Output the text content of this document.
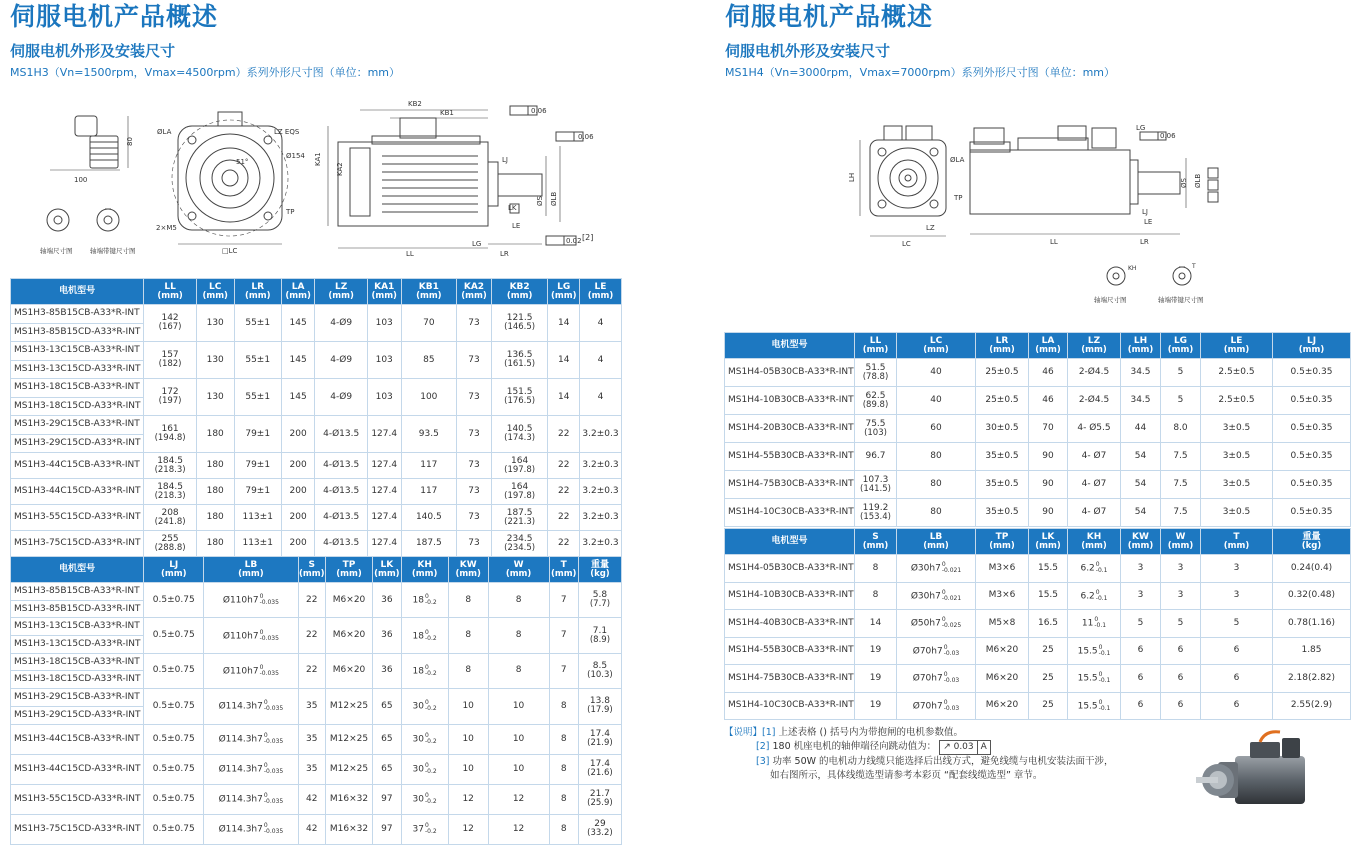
伺服电机产品概述
伺服电机外形及安装尺寸
MS1H3（Vn=1500rpm，Vmax=4500rpm）系列外形尺寸图（单位：mm）
100
80
ØLA	LZ EQS
Ø154
51°
TP
2×M5
□LC
KB2
KB1	0.06
0.06
KA1
KA2
LJ
LK
LE
LG
LR
LL
ØS ØLB
0.02 [2]
轴端尺寸图	轴端带键尺寸图
电机型号	LL
(mm)	LC
(mm)	LR
(mm)	LA
(mm)	LZ
(mm)	KA1
(mm)	KB1
(mm)	KA2
(mm)	KB2
(mm)	LG
(mm)	LE
(mm)

MS1H3-85B15CB-A33*R-INT	142
(167)	130	55±1	145	4-Ø9	103	70	73	121.5
(146.5)	14	4
MS1H3-85B15CD-A33*R-INT											
MS1H3-13C15CB-A33*R-INT	157
(182)	130	55±1	145	4-Ø9	103	85	73	136.5
(161.5)	14	4
MS1H3-13C15CD-A33*R-INT											
MS1H3-18C15CB-A33*R-INT	172
(197)	130	55±1	145	4-Ø9	103	100	73	151.5
(176.5)	14	4
MS1H3-18C15CD-A33*R-INT											
MS1H3-29C15CB-A33*R-INT	161
(194.8)	180	79±1	200	4-Ø13.5	127.4	93.5	73	140.5
(174.3)	22	3.2±0.3
MS1H3-29C15CD-A33*R-INT											
MS1H3-44C15CB-A33*R-INT	184.5
(218.3)	180	79±1	200	4-Ø13.5	127.4	117	73	164
(197.8)	22	3.2±0.3
MS1H3-44C15CD-A33*R-INT	184.5
(218.3)	180	79±1	200	4-Ø13.5	127.4	117	73	164
(197.8)	22	3.2±0.3
MS1H3-55C15CD-A33*R-INT	208
(241.8)	180	113±1	200	4-Ø13.5	127.4	140.5	73	187.5
(221.3)	22	3.2±0.3
MS1H3-75C15CD-A33*R-INT	255
(288.8)	180	113±1	200	4-Ø13.5	127.4	187.5	73	234.5
(234.5)	22	3.2±0.3
电机型号	LJ
(mm)	LB
(mm)	S
(mm)	TP
(mm)	LK
(mm)	KH
(mm)	KW
(mm)	W
(mm)	T
(mm)	重量
(kg)

MS1H3-85B15CB-A33*R-INT	0.5±0.75	Ø110h7 0
-0.035	22	M6×20	36	18 0
-0.2	8	8	7	5.8
(7.7)

MS1H3-85B15CD-A33*R-INT										
MS1H3-13C15CB-A33*R-INT	0.5±0.75	Ø110h7 0
-0.035	22	M6×20	36	18 0
-0.2	8	8	7	7.1
(8.9)

MS1H3-13C15CD-A33*R-INT										
MS1H3-18C15CB-A33*R-INT	0.5±0.75	Ø110h7 0
-0.035	22	M6×20	36	18 0
-0.2	8	8	7	8.5
(10.3)

MS1H3-18C15CD-A33*R-INT										
MS1H3-29C15CB-A33*R-INT	0.5±0.75	Ø114.3h7 0
-0.035	35	M12×25	65	30 0
-0.2	10	10	8	13.8
(17.9)

MS1H3-29C15CD-A33*R-INT										
MS1H3-44C15CB-A33*R-INT	0.5±0.75	Ø114.3h7 0
-0.035	35	M12×25	65	30 0
-0.2	10	10	8	17.4
(21.9)

MS1H3-44C15CD-A33*R-INT	0.5±0.75	Ø114.3h7 0
-0.035	35	M12×25	65	30 0
-0.2	10	10	8	17.4
(21.6)

MS1H3-55C15CD-A33*R-INT	0.5±0.75	Ø114.3h7 0
-0.035	42	M16×32	97	30 0
-0.2	12	12	8	21.7
(25.9)

MS1H3-75C15CD-A33*R-INT	0.5±0.75	Ø114.3h7 0
-0.035	42	M16×32	97	37 0
-0.2	12	12	8	29
(33.2)
伺服电机产品概述
伺服电机外形及安装尺寸
MS1H4（Vn=3000rpm，Vmax=7000rpm）系列外形尺寸图（单位：mm）
LH
ØLA
TP
LZ
LC	LL	LR
LG
LE
0.06
LJ
ØS ØLB
KH	T
轴端尺寸图	轴端带键尺寸图
电机型号	LL
(mm)	LC
(mm)	LR
(mm)	LA
(mm)	LZ
(mm)	LH
(mm)	LG
(mm)	LE
(mm)	LJ
(mm)

MS1H4-05B30CB-A33*R-INT	51.5
(78.8)	40	25±0.5	46	2-Ø4.5	34.5	5	2.5±0.5	0.5±0.35
MS1H4-10B30CB-A33*R-INT	62.5
(89.8)	40	25±0.5	46	2-Ø4.5	34.5	5	2.5±0.5	0.5±0.35
MS1H4-20B30CB-A33*R-INT	75.5
(103)	60	30±0.5	70	4- Ø5.5	44	8.0	3±0.5	0.5±0.35
MS1H4-55B30CB-A33*R-INT	96.7	80	35±0.5	90	4- Ø7	54	7.5	3±0.5	0.5±0.35
MS1H4-75B30CB-A33*R-INT	107.3
(141.5)	80	35±0.5	90	4- Ø7	54	7.5	3±0.5	0.5±0.35
MS1H4-10C30CB-A33*R-INT	119.2
(153.4)	80	35±0.5	90	4- Ø7	54	7.5	3±0.5	0.5±0.35
电机型号	S
(mm)	LB
(mm)	TP
(mm)	LK
(mm)	KH
(mm)	KW
(mm)	W
(mm)	T
(mm)	重量
(kg)

MS1H4-05B30CB-A33*R-INT	8	Ø30h7 0
-0.021	M3×6	15.5	6.2 0
-0.1	3	3	3	0.24(0.4)
MS1H4-10B30CB-A33*R-INT	8	Ø30h7 0
-0.021	M3×6	15.5	6.2 0
-0.1	3	3	3	0.32(0.48)
MS1H4-40B30CB-A33*R-INT	14	Ø50h7 0
-0.025	M5×8	16.5	11 0
-0.1	5	5	5	0.78(1.16)
MS1H4-55B30CB-A33*R-INT	19	Ø70h7 0
-0.03	M6×20	25	15.5 0
-0.1	6	6	6	1.85
MS1H4-75B30CB-A33*R-INT	19	Ø70h7 0
-0.03	M6×20	25	15.5 0
-0.1	6	6	6	2.18(2.82)
MS1H4-10C30CB-A33*R-INT	19	Ø70h7 0
-0.03	M6×20	25	15.5 0
-0.1	6	6	6	2.55(2.9)
【说明】[1] 上述表格 () 括号内为带抱闸的电机参数值。
[2] 180 机座电机的轴伸端径向跳动值为： ↗ 0.03 A
[3] 功率 50W 的电机动力线缆只能选择后出线方式，避免线缆与电机安装法面干涉，
如右图所示，具体线缆选型请参考本彩页 “配套线缆选型” 章节。
